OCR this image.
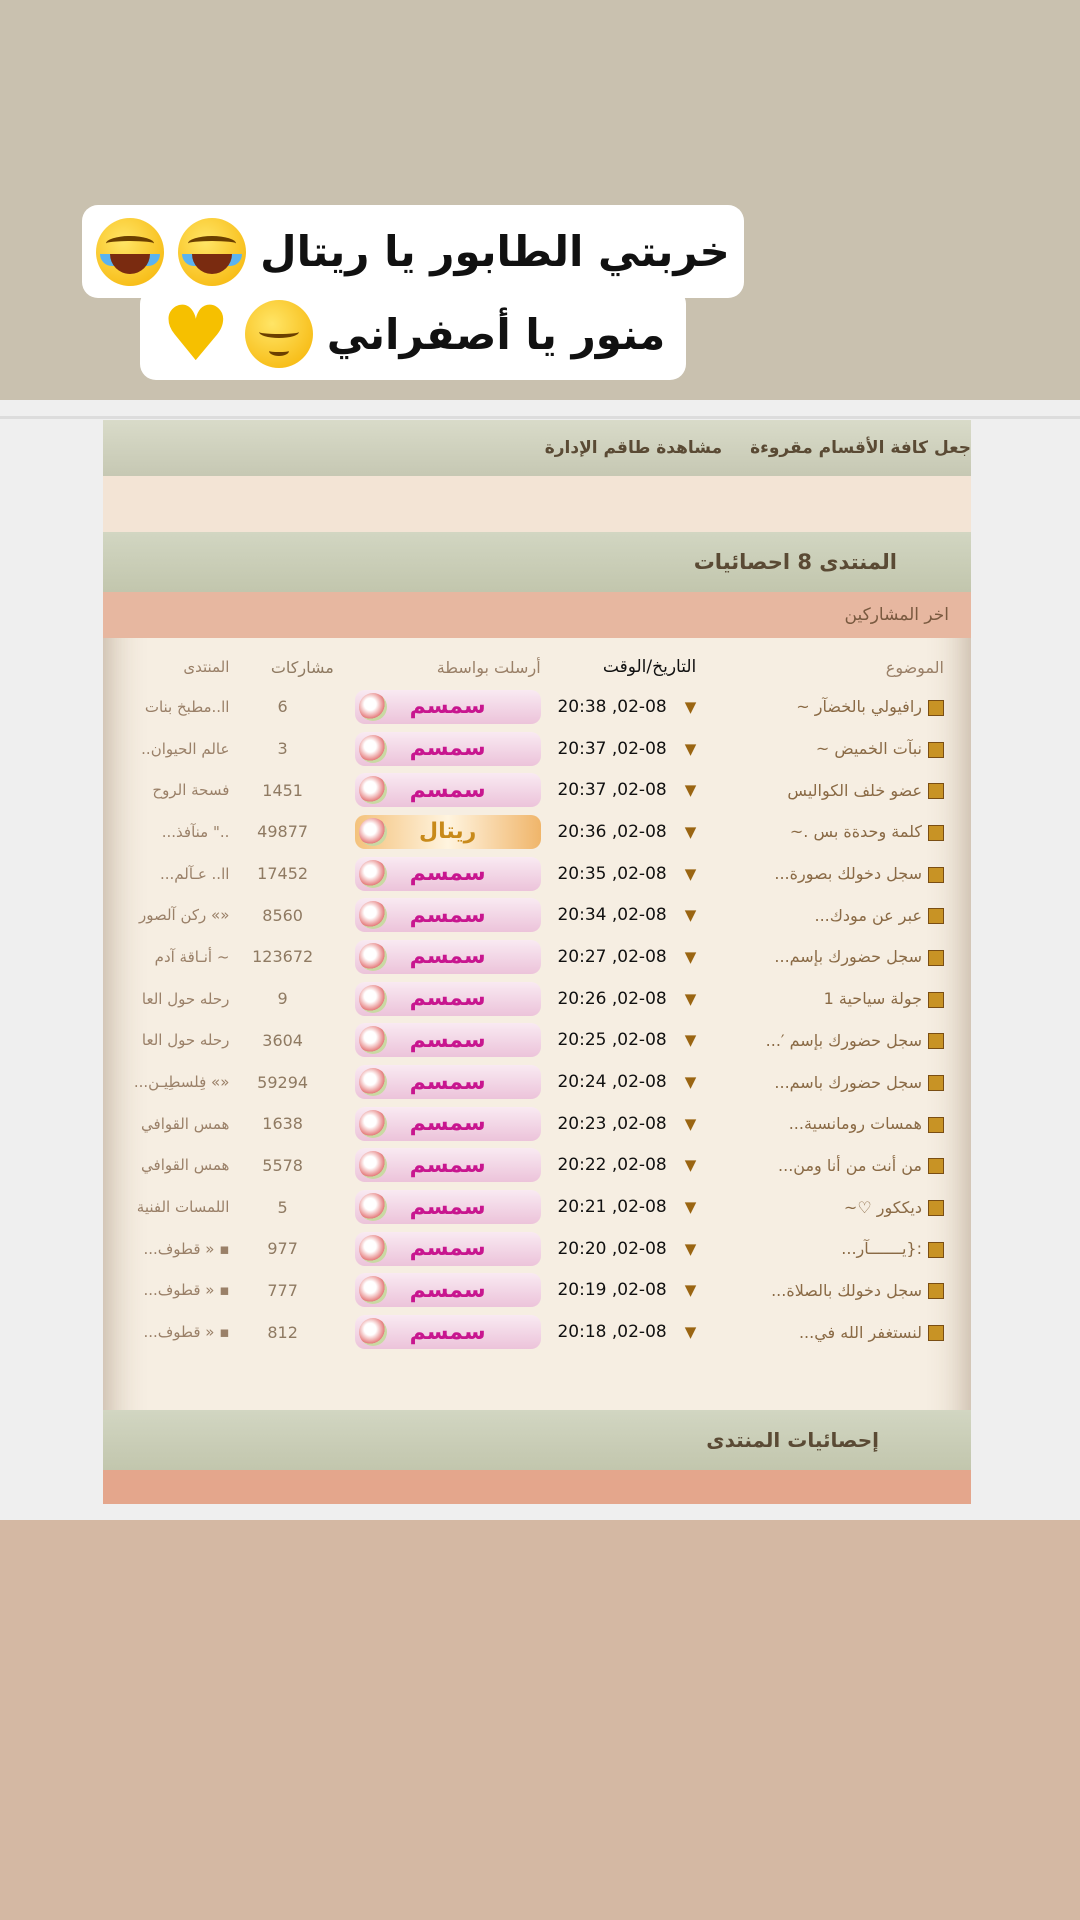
خربتي الطابور يا ريتال
منور يا أصفراني
♥
جعل كافة الأقسام مقروءة
مشاهدة طاقم الإدارة
المنتدى 8 احصائيات
اخر المشاركين
الموضوع	التاريخ/الوقت	أرسلت بواسطة	مشاركات	المنتدى
رافيولي بالخضآر ~	▼02-08, 20:38	سمسم	6	اا..مطبخ بنات
نبآت الخميض ~	▼02-08, 20:37	سمسم	3	عالم الحيوان..
عضو خلف الكواليس	▼02-08, 20:37	سمسم	1451	فسحة الروح
كلمة وحدةة بس .~	▼02-08, 20:36	ريتال	49877	.." منآفذ...
سجل دخولك بصورة...	▼02-08, 20:35	سمسم	17452	اا.. عـآلم...
عبر عن مودك...	▼02-08, 20:34	سمسم	8560	«» رکن آلصور
سجل حضورك بإسم...	▼02-08, 20:27	سمسم	123672	~ أنـاقة آدم
جولة سياحية 1	▼02-08, 20:26	سمسم	9	رحله حول العا
سجل حضورك بإسم ′...	▼02-08, 20:25	سمسم	3604	رحله حول العا
سجل حضورك باسم...	▼02-08, 20:24	سمسم	59294	«» فِلسطِيـن...
همسات رومانسية...	▼02-08, 20:23	سمسم	1638	همس القوافي
من أنت من أنا ومن...	▼02-08, 20:22	سمسم	5578	همس القوافي
ديككور ♡~	▼02-08, 20:21	سمسم	5	اللمسات الفنية
:{يـــــــآر...	▼02-08, 20:20	سمسم	977	▪ « قطوف...
سجل دخولك بالصلاة...	▼02-08, 20:19	سمسم	777	▪ « قطوف...
لنستغفر الله في...	▼02-08, 20:18	سمسم	812	▪ « قطوف...
إحصائيات المنتدى
